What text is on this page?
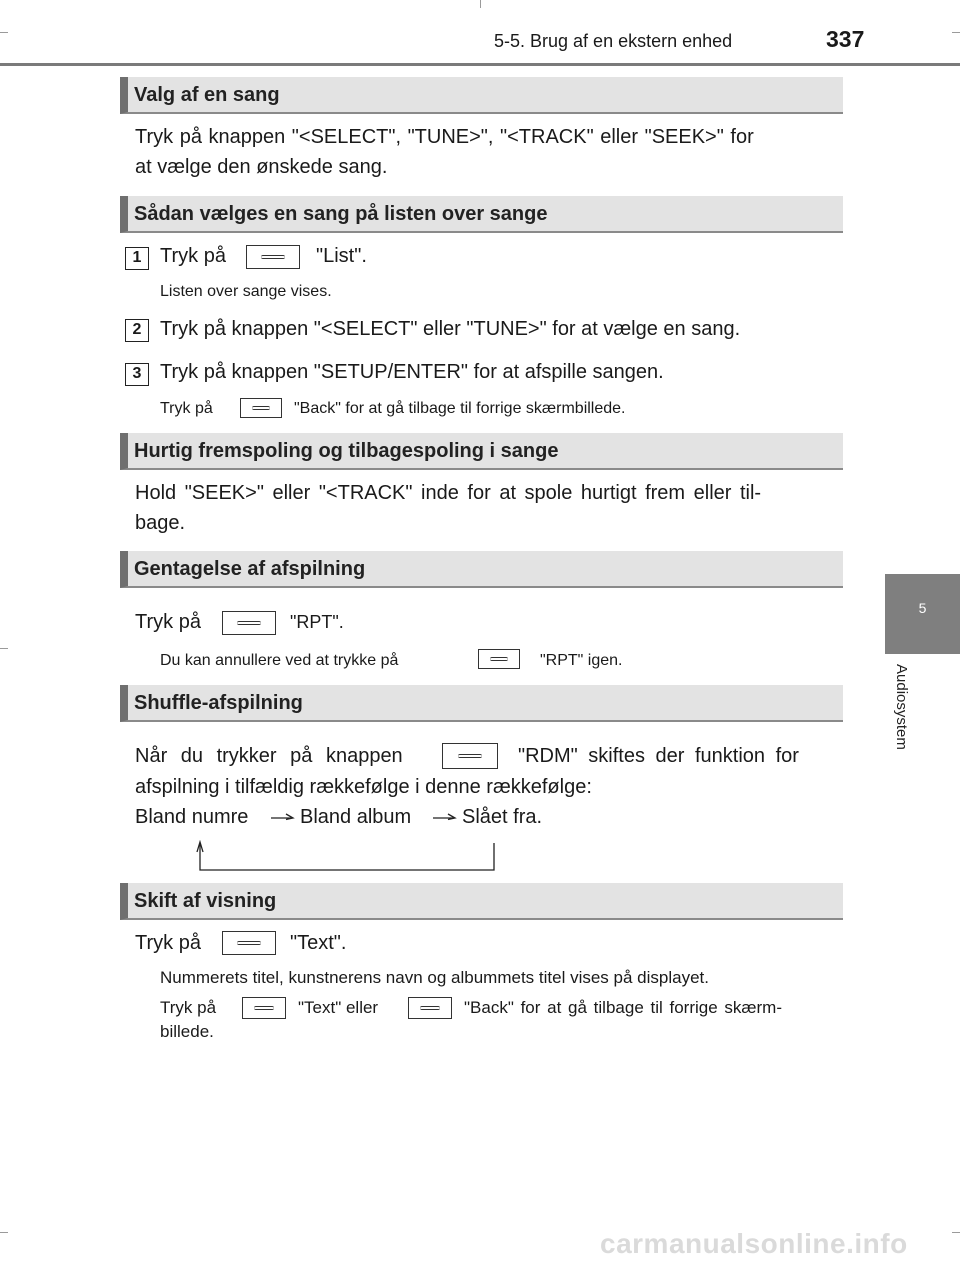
5-5. Brug af en ekstern enhed	337
5
Audiosystem
Valg af en sang
Tryk på knappen "<SELECT", "TUNE>", "<TRACK" eller "SEEK>" for
at vælge den ønskede sang.
Sådan vælges en sang på listen over sange
1 Tryk på	"List".
Listen over sange vises.
2 Tryk på knappen "<SELECT" eller "TUNE>" for at vælge en sang.
3 Tryk på knappen "SETUP/ENTER" for at afspille sangen.
Tryk på	"Back" for at gå tilbage til forrige skærmbillede.
Hurtig fremspoling og tilbagespoling i sange
Hold "SEEK>" eller "<TRACK" inde for at spole hurtigt frem eller til-
bage.
Gentagelse af afspilning
Tryk på	"RPT".
Du kan annullere ved at trykke på	"RPT" igen.
Shuffle-afspilning
Når du trykker på knappen	"RDM" skiftes der funktion for
afspilning i tilfældig rækkefølge i denne rækkefølge:
Bland numre	Bland album	Slået fra.
Skift af visning
Tryk på	"Text".
Nummerets titel, kunstnerens navn og albummets titel vises på displayet.
Tryk på	"Text" eller	"Back" for at gå tilbage til forrige skærm-
billede.
carmanualsonline.info
